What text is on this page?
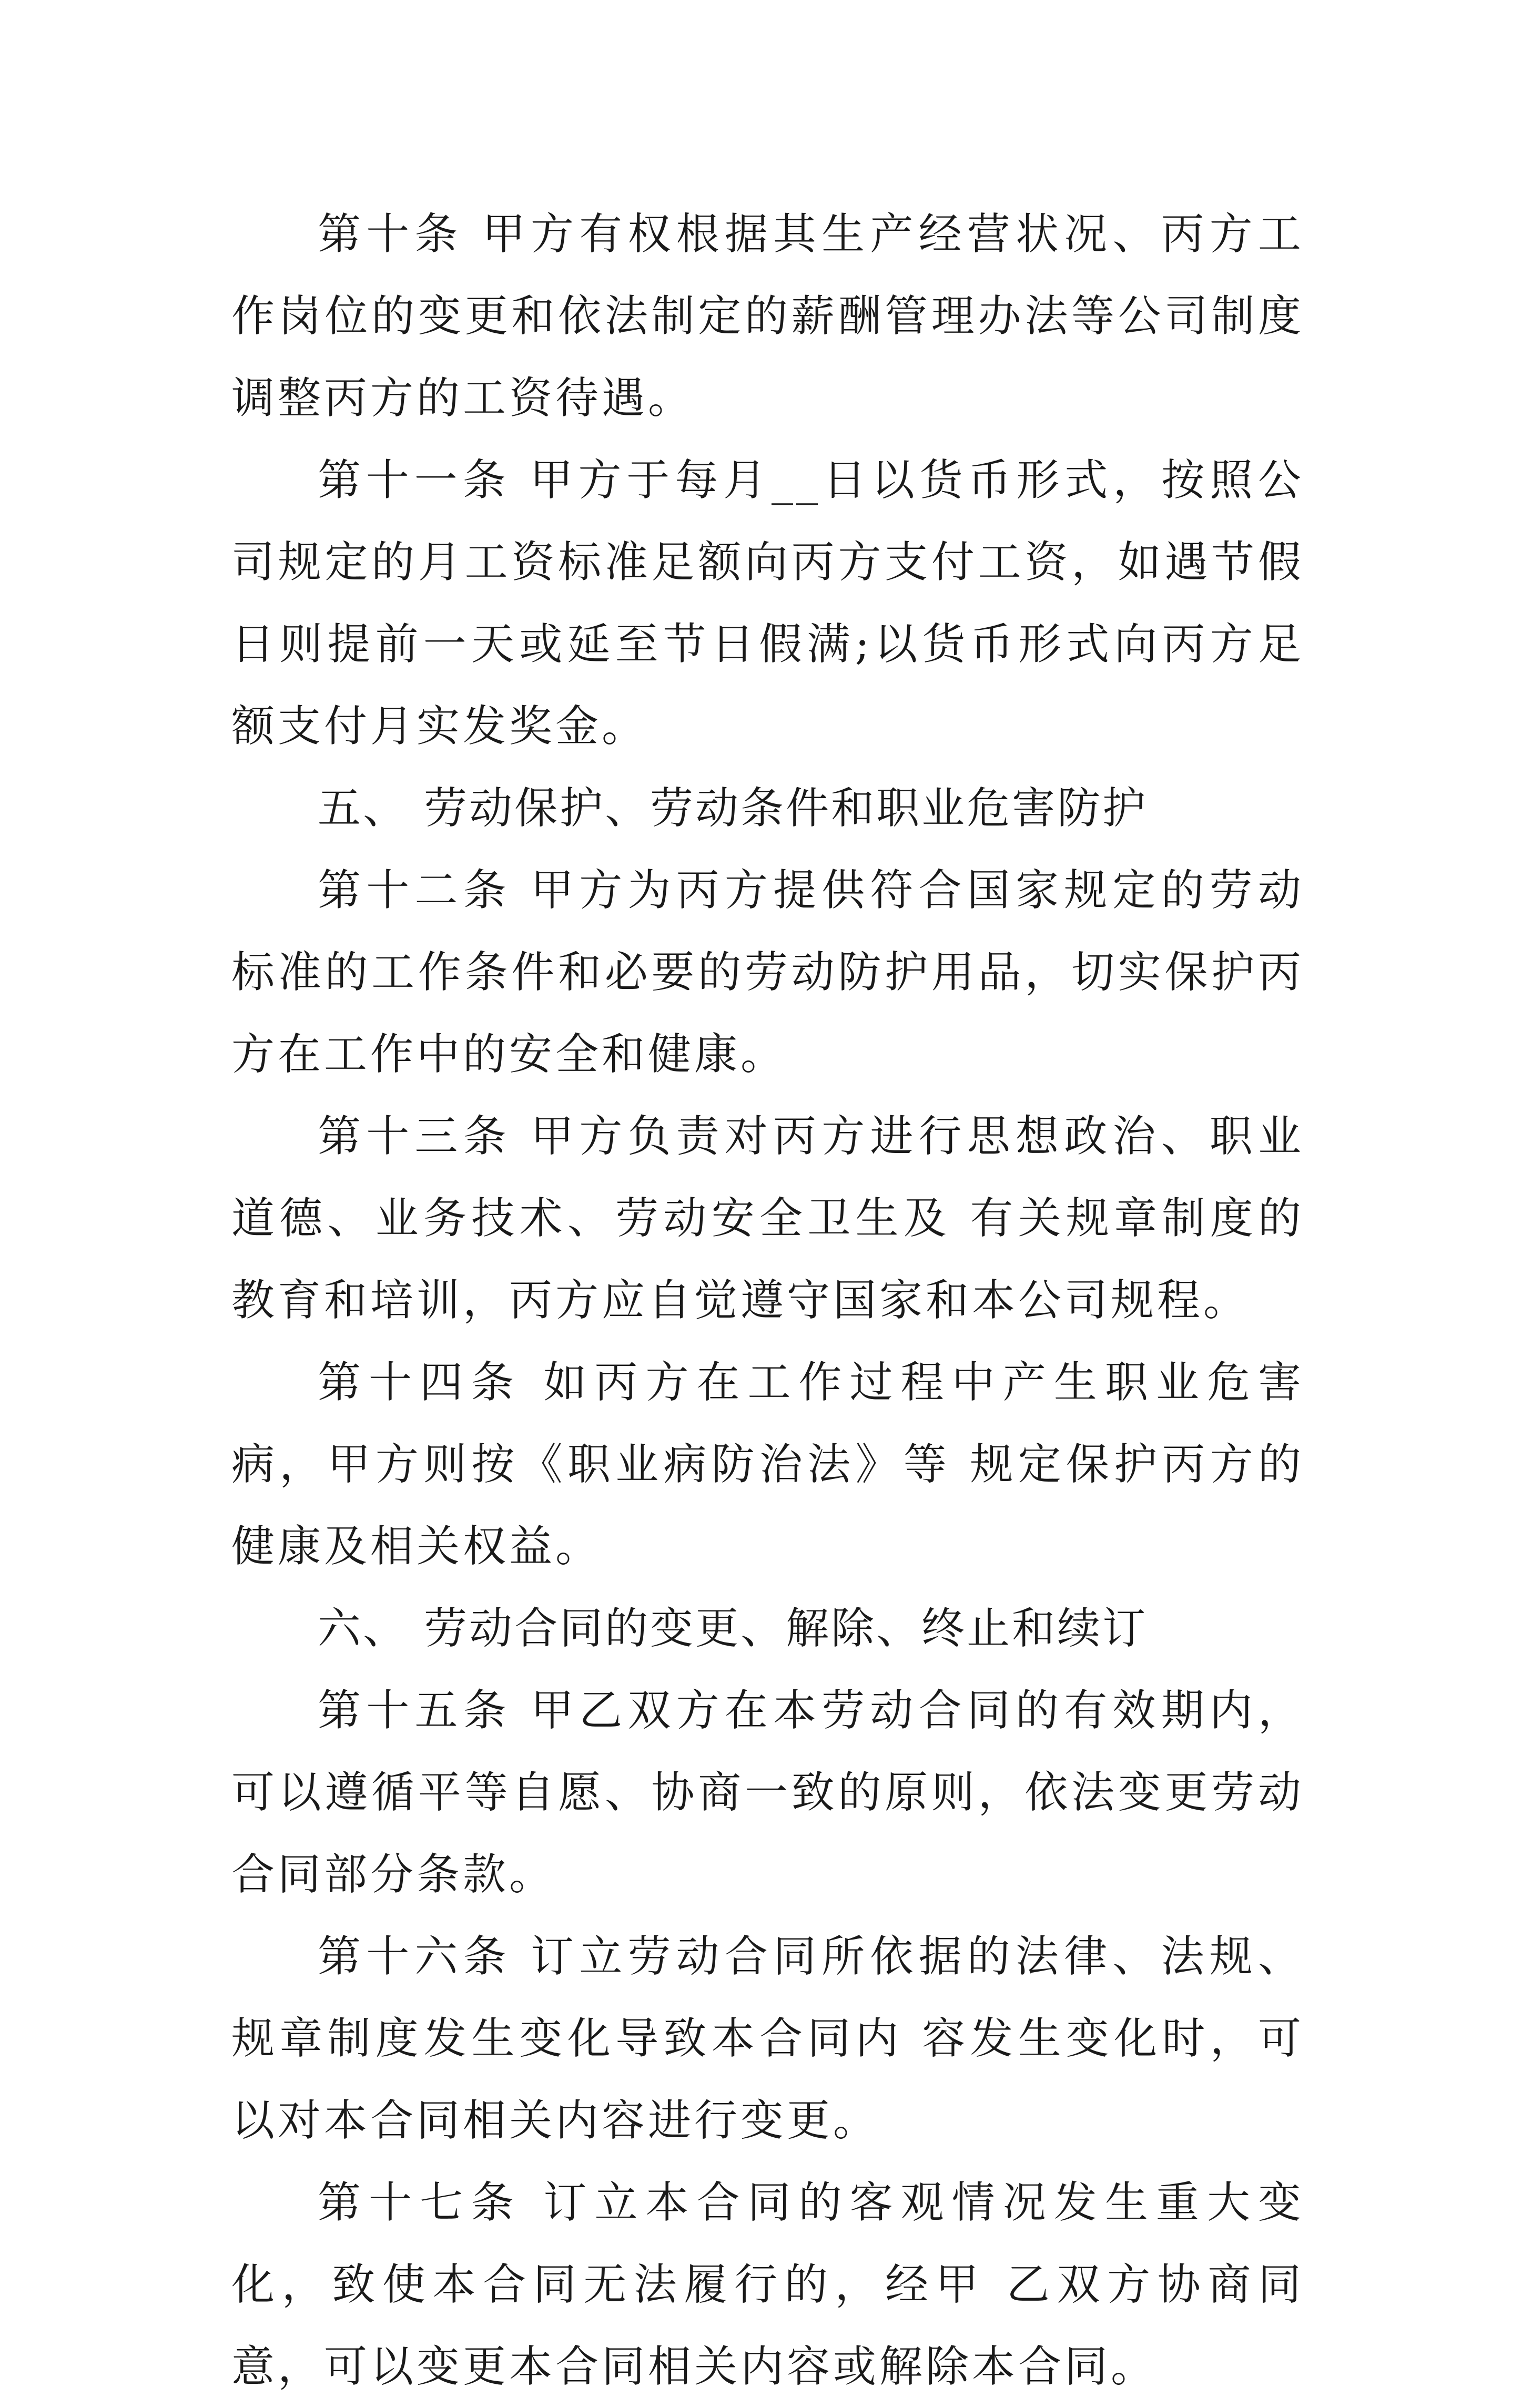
第十条 甲方有权根据其生产经营状况、丙方工作岗位的变更和依法制定的薪酬管理办法等公司制度调整丙方的工资待遇。

第十一条 甲方于每月__日以货币形式，按照公司规定的月工资标准足额向丙方支付工资，如遇节假日则提前一天或延至节日假满;以货币形式向丙方足额支付月实发奖金。

五、 劳动保护、劳动条件和职业危害防护

第十二条 甲方为丙方提供符合国家规定的劳动标准的工作条件和必要的劳动防护用品，切实保护丙方在工作中的安全和健康。

第十三条 甲方负责对丙方进行思想政治、职业道德、业务技术、劳动安全卫生及 有关规章制度的教育和培训，丙方应自觉遵守国家和本公司规程。

第十四条 如丙方在工作过程中产生职业危害病，甲方则按《职业病防治法》等 规定保护丙方的健康及相关权益。

六、 劳动合同的变更、解除、终止和续订

第十五条 甲乙双方在本劳动合同的有效期内，可以遵循平等自愿、协商一致的原则，依法变更劳动合同部分条款。

第十六条 订立劳动合同所依据的法律、法规、规章制度发生变化导致本合同内 容发生变化时，可以对本合同相关内容进行变更。

第十七条 订立本合同的客观情况发生重大变化，致使本合同无法履行的，经甲 乙双方协商同意，可以变更本合同相关内容或解除本合同。
